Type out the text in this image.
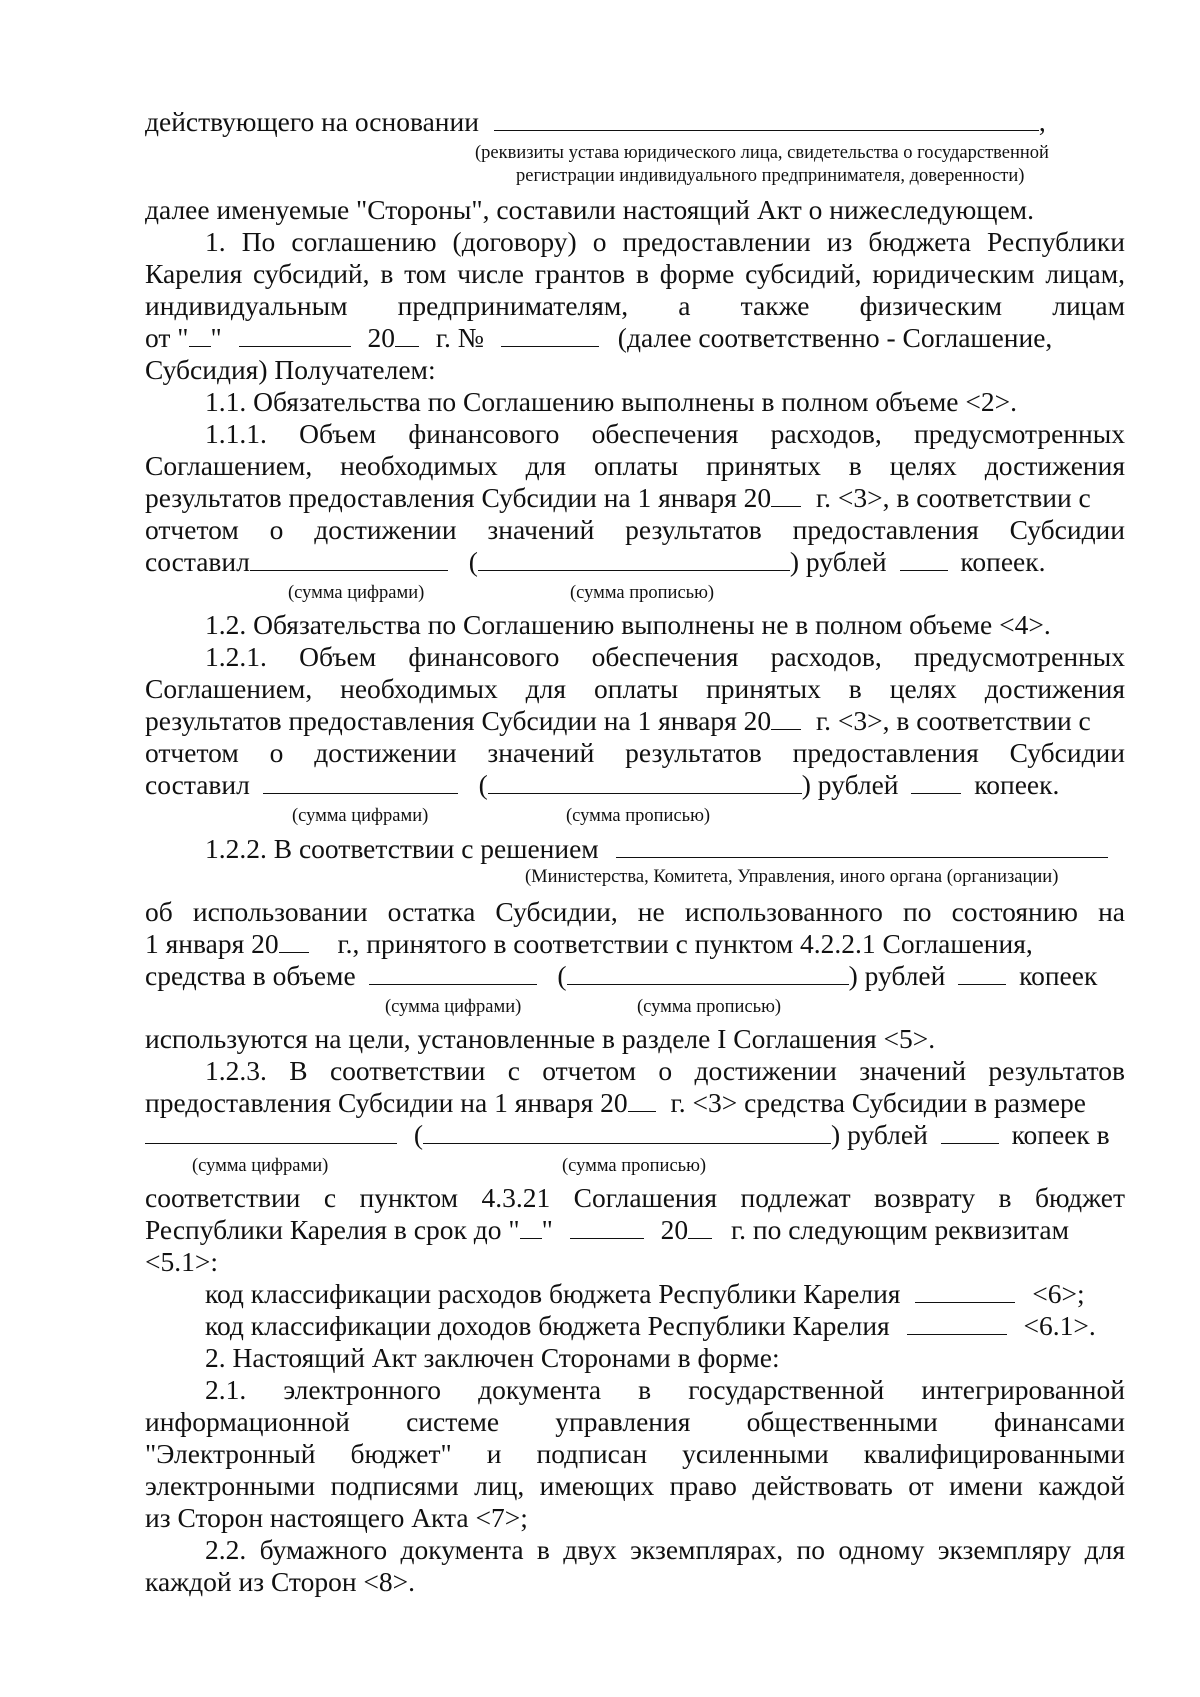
действующего на основании	,
(реквизиты устава юридического лица, свидетельства о государственной
регистрации индивидуального предпринимателя, доверенности)
далее именуемые "Стороны", составили настоящий Акт о нижеследующем.
1. По соглашению (договору) о предоставлении из бюджета Республики
Карелия субсидий, в том числе грантов в форме субсидий, юридическим лицам,
индивидуальным предпринимателям, а также физическим лицам
от " "	20 г. №	(далее соответственно - Соглашение,
Субсидия) Получателем:
1.1. Обязательства по Соглашению выполнены в полном объеме <2>.
1.1.1. Объем финансового обеспечения расходов, предусмотренных
Соглашением, необходимых для оплаты принятых в целях достижения
результатов предоставления Субсидии на 1 января 20 г. <3>, в соответствии с
отчетом о достижении значений результатов предоставления Субсидии
составил	(	) рублей	копеек.
(сумма цифрами)	(сумма прописью)
1.2. Обязательства по Соглашению выполнены не в полном объеме <4>.
1.2.1. Объем финансового обеспечения расходов, предусмотренных
Соглашением, необходимых для оплаты принятых в целях достижения
результатов предоставления Субсидии на 1 января 20 г. <3>, в соответствии с
отчетом о достижении значений результатов предоставления Субсидии
составил	(	) рублей	копеек.
(сумма цифрами)	(сумма прописью)
1.2.2. В соответствии с решением
(Министерства, Комитета, Управления, иного органа (организации)
об использовании остатка Субсидии, не использованного по состоянию на
1 января 20 г., принятого в соответствии с пунктом 4.2.2.1 Соглашения,
средства в объеме	(	) рублей	копеек
(сумма цифрами)	(сумма прописью)
используются на цели, установленные в разделе I Соглашения <5>.
1.2.3. В соответствии с отчетом о достижении значений результатов
предоставления Субсидии на 1 января 20 г. <3> средства Субсидии в размере
(	) рублей	копеек в
(сумма цифрами)	(сумма прописью)
соответствии с пунктом 4.3.21 Соглашения подлежат возврату в бюджет
Республики Карелия в срок до " "	20 г. по следующим реквизитам
<5.1>:
код классификации расходов бюджета Республики Карелия	<6>;
код классификации доходов бюджета Республики Карелия	<6.1>.
2. Настоящий Акт заключен Сторонами в форме:
2.1. электронного документа в государственной интегрированной
информационной системе управления общественными финансами
"Электронный бюджет" и подписан усиленными квалифицированными
электронными подписями лиц, имеющих право действовать от имени каждой
из Сторон настоящего Акта <7>;
2.2. бумажного документа в двух экземплярах, по одному экземпляру для
каждой из Сторон <8>.
